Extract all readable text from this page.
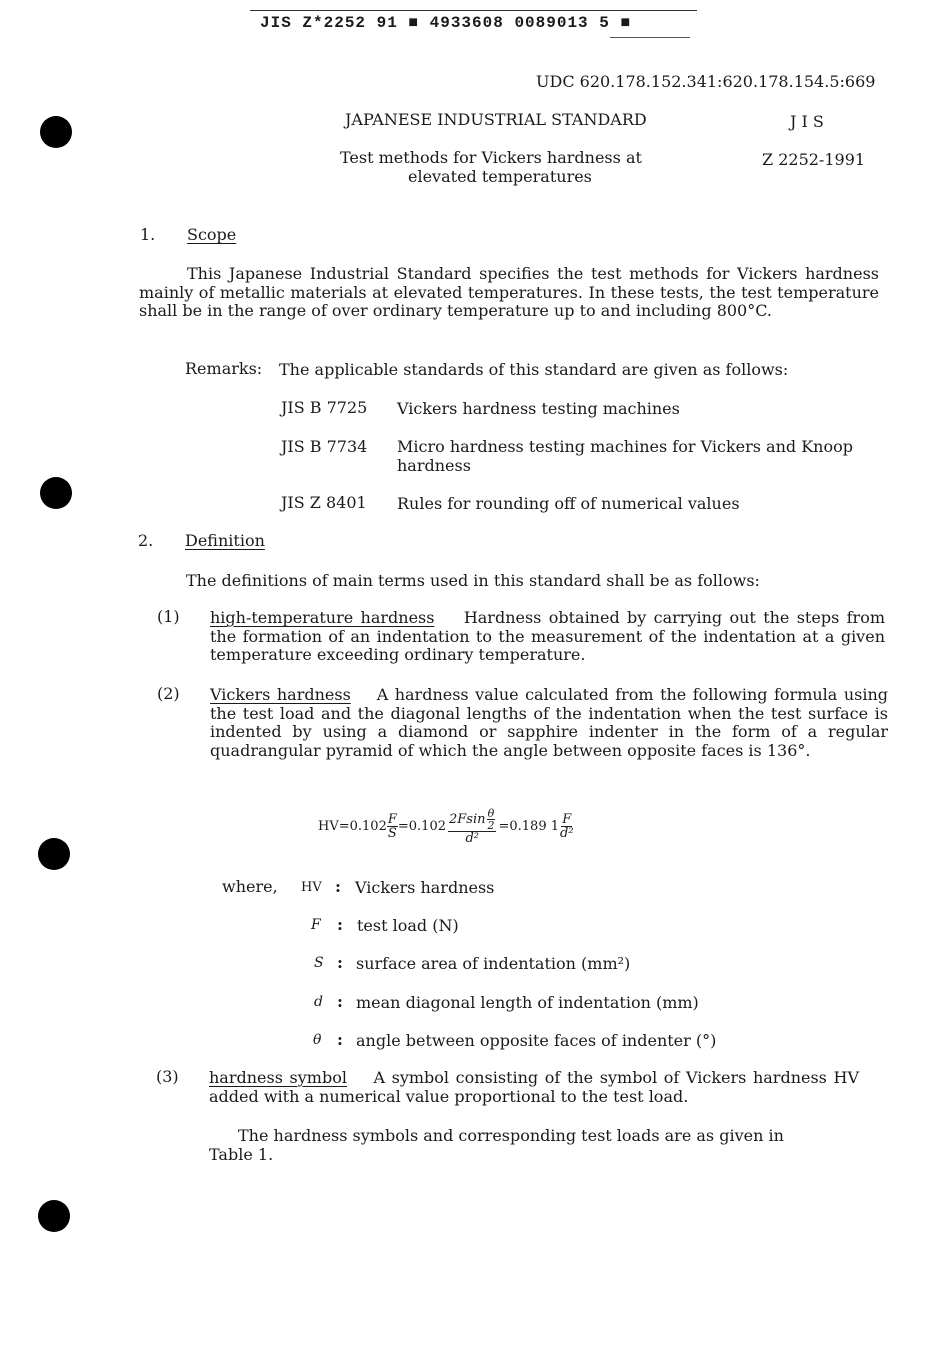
JIS Z*2252 91 ■ 4933608 0089013 5 ■
UDC 620.178.152.341:620.178.154.5:669
JAPANESE INDUSTRIAL STANDARD	J I S
Test methods for Vickers hardness at
elevated temperatures
Z 2252-1991
1. Scope
This Japanese Industrial Standard specifies the test methods for Vickers hardness mainly of metallic materials at elevated temperatures. In these tests, the test temperature shall be in the range of over ordinary temperature up to and including 800°C.
Remarks: The applicable standards of this standard are given as follows:
JIS B 7725 Vickers hardness testing machines
JIS B 7734 Micro hardness testing machines for Vickers and Knoop hardness
JIS Z 8401 Rules for rounding off of numerical values
2. Definition
The definitions of main terms used in this standard shall be as follows:
(1) high-temperature hardness Hardness obtained by carrying out the steps from the formation of an indentation to the measurement of the indentation at a given temperature exceeding ordinary temperature.
(2) Vickers hardness A hardness value calculated from the following formula using the test load and the diagonal lengths of the indentation when the test surface is indented by using a diamond or sapphire indenter in the form of a regular quadrangular pyramid of which the angle between opposite faces is 136°.
$HV=0.102 \frac{F}{S} =0.102 \frac{2Fsin \frac{\theta}{2}}{\text{d²}} =0.189$ $1 \frac{F}{\text{d²}}$
where, HV : Vickers hardness
F : test load (N)
S : surface area of indentation (mm²)
d : mean diagonal length of indentation (mm)
θ : angle between opposite faces of indenter (°)
(3) hardness symbol A symbol consisting of the symbol of Vickers hardness HV added with a numerical value proportional to the test load.
The hardness symbols and corresponding test loads are as given in Table 1.
